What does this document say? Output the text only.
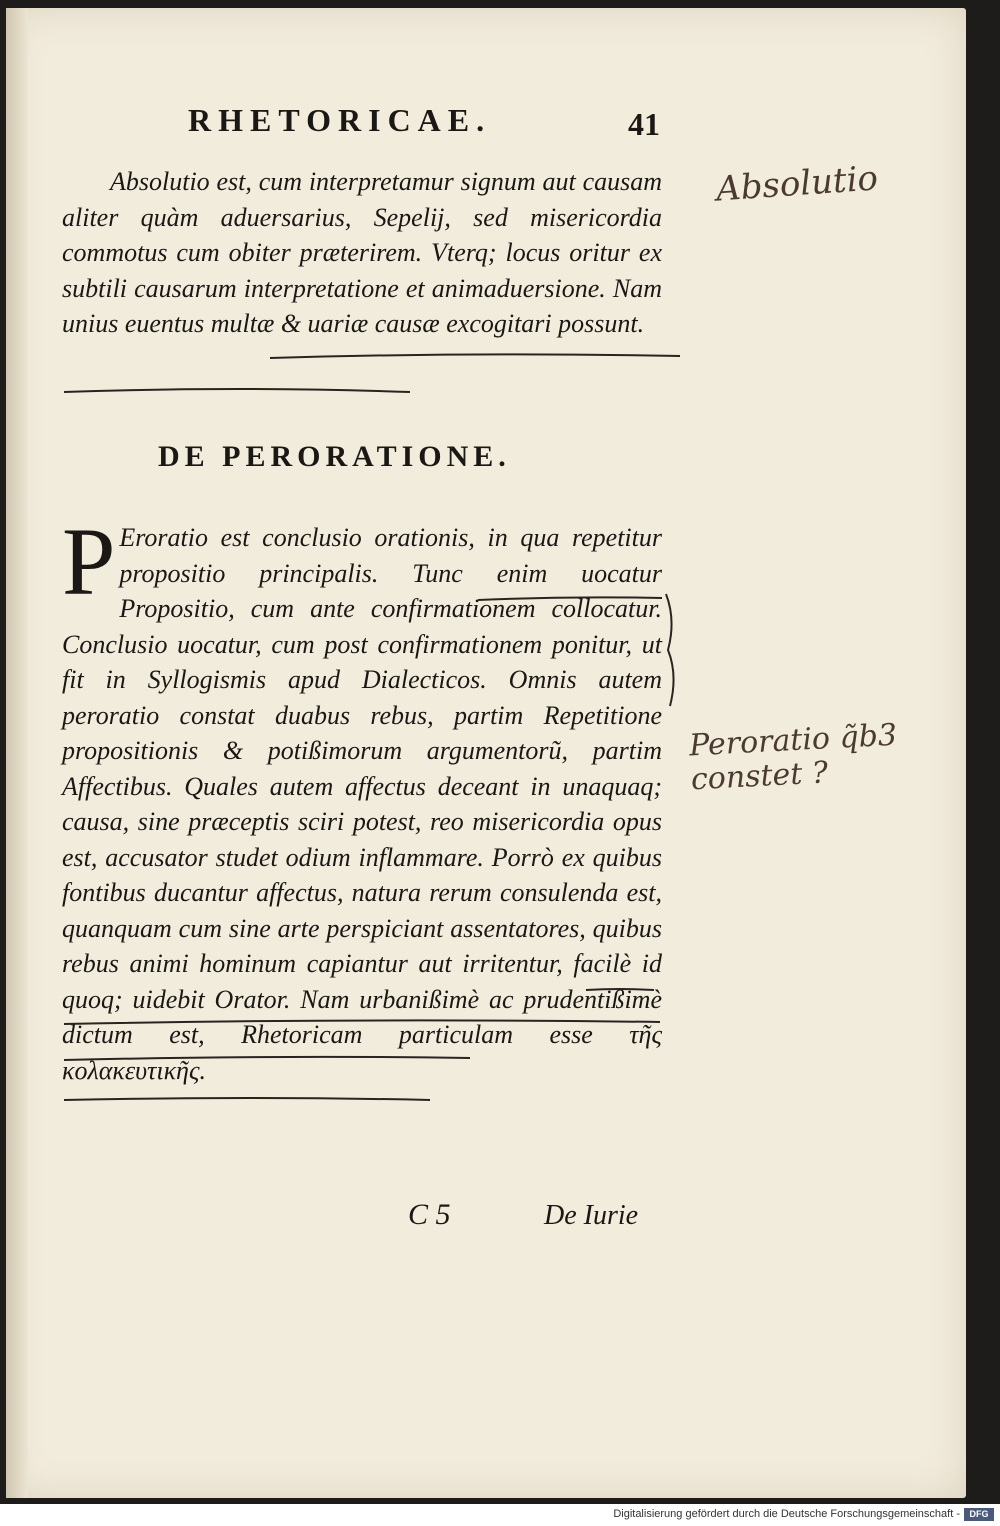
RHETORICAE.	41
Absolutio est, cum interpretamur signum aut causam aliter quàm aduersarius, Sepelij, sed misericordia commotus cum obiter præterirem. Vterq; locus oritur ex subtili causarum interpretatione et animaduersione. Nam unius euentus multæ & uariæ causæ excogitari possunt.
DE PERORATIONE.
P Eroratio est conclusio orationis, in qua repetitur propositio principalis. Tunc enim uocatur Propositio, cum ante confirmationem collocatur. Conclusio uocatur, cum post confirmationem ponitur, ut fit in Syllogismis apud Dialecticos. Omnis autem peroratio constat duabus rebus, partim Repetitione propositionis & potißimorum argumentorũ, partim Affectibus. Quales autem affectus deceant in unaquaq; causa, sine præceptis sciri potest, reo misericordia opus est, accusator studet odium inflammare. Porrò ex quibus fontibus ducantur affectus, natura rerum consulenda est, quanquam cum sine arte perspiciant assentatores, quibus rebus animi hominum capiantur aut irritentur, facilè id quoq; uidebit Orator. Nam urbanißimè ac prudentißimè dictum est, Rhetoricam particulam esse τῆς κολακευτικῆς.
C 5	De Iurie
Absolutio
Peroratio q̃b3
constet ?
Digitalisierung gefördert durch die Deutsche Forschungsgemeinschaft -	DFG
